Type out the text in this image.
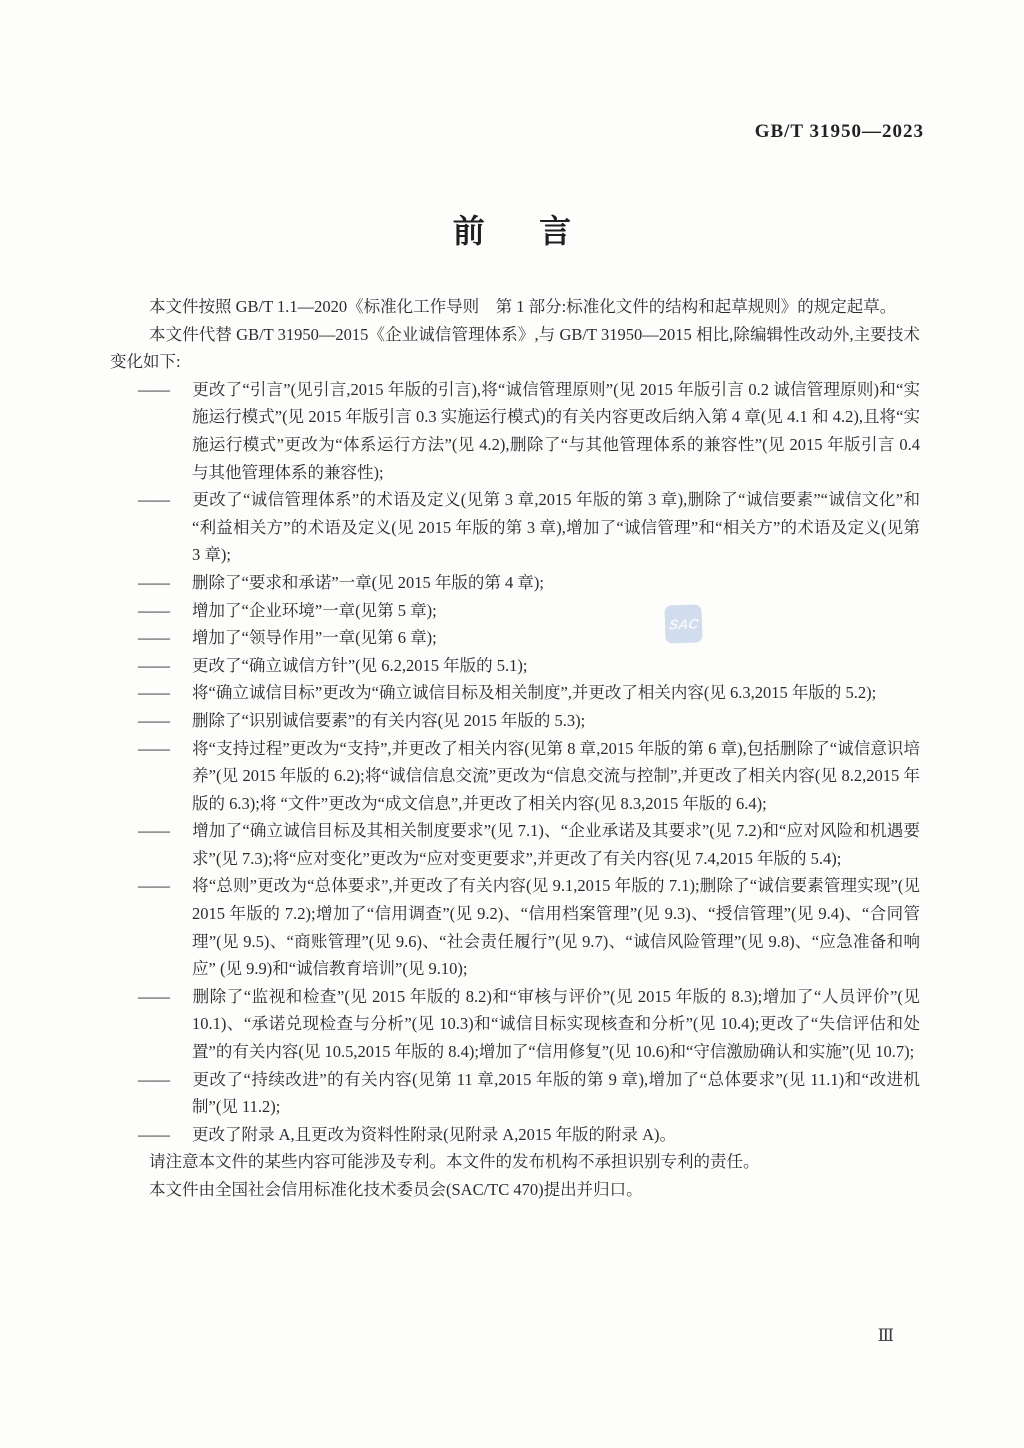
GB/T 31950—2023
前言
SAC

本文件按照 GB/T 1.1—2020《标准化工作导则　第 1 部分:标准化文件的结构和起草规则》的规定起草。

本文件代替 GB/T 31950—2015《企业诚信管理体系》,与 GB/T 31950—2015 相比,除编辑性改动外,主要技术变化如下:

—— 更改了“引言”(见引言,2015 年版的引言),将“诚信管理原则”(见 2015 年版引言 0.2 诚信管理原则)和“实施运行模式”(见 2015 年版引言 0.3 实施运行模式)的有关内容更改后纳入第 4 章(见 4.1 和 4.2),且将“实施运行模式”更改为“体系运行方法”(见 4.2),删除了“与其他管理体系的兼容性”(见 2015 年版引言 0.4 与其他管理体系的兼容性);
—— 更改了“诚信管理体系”的术语及定义(见第 3 章,2015 年版的第 3 章),删除了“诚信要素”“诚信文化”和“利益相关方”的术语及定义(见 2015 年版的第 3 章),增加了“诚信管理”和“相关方”的术语及定义(见第 3 章);
—— 删除了“要求和承诺”一章(见 2015 年版的第 4 章);
—— 增加了“企业环境”一章(见第 5 章);
—— 增加了“领导作用”一章(见第 6 章);
—— 更改了“确立诚信方针”(见 6.2,2015 年版的 5.1);
—— 将“确立诚信目标”更改为“确立诚信目标及相关制度”,并更改了相关内容(见 6.3,2015 年版的 5.2);
—— 删除了“识别诚信要素”的有关内容(见 2015 年版的 5.3);
—— 将“支持过程”更改为“支持”,并更改了相关内容(见第 8 章,2015 年版的第 6 章),包括删除了“诚信意识培养”(见 2015 年版的 6.2);将“诚信信息交流”更改为“信息交流与控制”,并更改了相关内容(见 8.2,2015 年版的 6.3);将 “文件”更改为“成文信息”,并更改了相关内容(见 8.3,2015 年版的 6.4);
—— 增加了“确立诚信目标及其相关制度要求”(见 7.1)、“企业承诺及其要求”(见 7.2)和“应对风险和机遇要求”(见 7.3);将“应对变化”更改为“应对变更要求”,并更改了有关内容(见 7.4,2015 年版的 5.4);
—— 将“总则”更改为“总体要求”,并更改了有关内容(见 9.1,2015 年版的 7.1);删除了“诚信要素管理实现”(见 2015 年版的 7.2);增加了“信用调查”(见 9.2)、“信用档案管理”(见 9.3)、“授信管理”(见 9.4)、“合同管理”(见 9.5)、“商账管理”(见 9.6)、“社会责任履行”(见 9.7)、“诚信风险管理”(见 9.8)、“应急准备和响应” (见 9.9)和“诚信教育培训”(见 9.10);
—— 删除了“监视和检查”(见 2015 年版的 8.2)和“审核与评价”(见 2015 年版的 8.3);增加了“人员评价”(见 10.1)、“承诺兑现检查与分析”(见 10.3)和“诚信目标实现核查和分析”(见 10.4);更改了“失信评估和处置”的有关内容(见 10.5,2015 年版的 8.4);增加了“信用修复”(见 10.6)和“守信激励确认和实施”(见 10.7);
—— 更改了“持续改进”的有关内容(见第 11 章,2015 年版的第 9 章),增加了“总体要求”(见 11.1)和“改进机制”(见 11.2);
—— 更改了附录 A,且更改为资料性附录(见附录 A,2015 年版的附录 A)。

请注意本文件的某些内容可能涉及专利。本文件的发布机构不承担识别专利的责任。

本文件由全国社会信用标准化技术委员会(SAC/TC 470)提出并归口。

Ⅲ
